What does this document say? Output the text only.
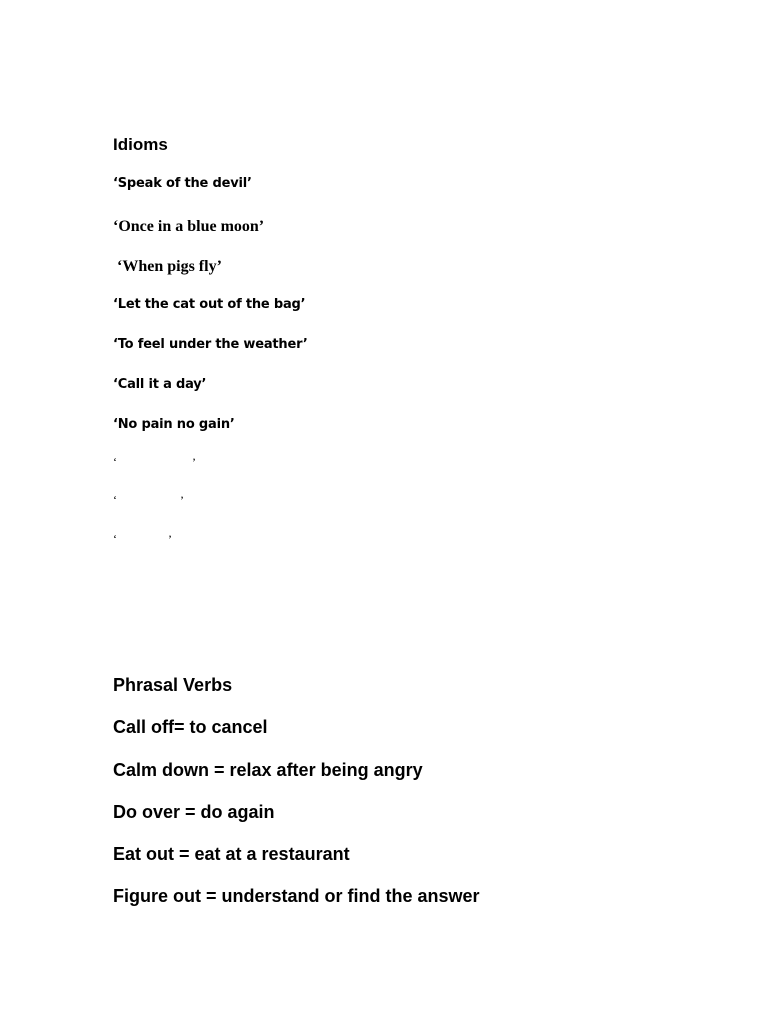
Idioms
‘Speak of the devil’
‘Once in a blue moon’
‘When pigs fly’
‘Let the cat out of the bag’
‘To feel under the weather’
‘Call it a day’
‘No pain no gain’
‘                         ’
‘                     ’
‘                 ’
Phrasal Verbs
Call off= to cancel
Calm down = relax after being angry
Do over = do again
Eat out = eat at a restaurant
Figure out = understand or find the answer
